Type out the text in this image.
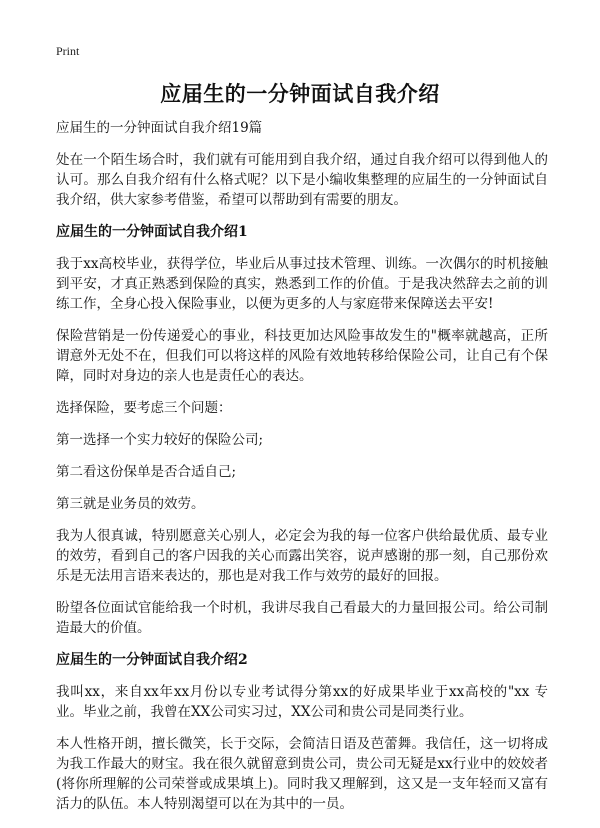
Print
应届生的一分钟面试自我介绍

应届生的一分钟面试自我介绍19篇

处在一个陌生场合时，我们就有可能用到自我介绍，通过自我介绍可以得到他人的认可。那么自我介绍有什么格式呢？以下是小编收集整理的应届生的一分钟面试自我介绍，供大家参考借鉴，希望可以帮助到有需要的朋友。

应届生的一分钟面试自我介绍1

我于xx高校毕业，获得学位，毕业后从事过技术管理、训练。一次偶尔的时机接触到平安，才真正熟悉到保险的真实，熟悉到工作的价值。于是我决然辞去之前的训练工作，全身心投入保险事业，以便为更多的人与家庭带来保障送去平安!

保险营销是一份传递爱心的事业，科技更加达风险事故发生的"概率就越高，正所谓意外无处不在，但我们可以将这样的风险有效地转移给保险公司，让自己有个保障，同时对身边的亲人也是责任心的表达。

选择保险，要考虑三个问题：

第一选择一个实力较好的保险公司;

第二看这份保单是否合适自己;

第三就是业务员的效劳。

我为人很真诚，特别愿意关心别人，必定会为我的每一位客户供给最优质、最专业的效劳，看到自己的客户因我的关心而露出笑容，说声感谢的那一刻，自己那份欢乐是无法用言语来表达的，那也是对我工作与效劳的最好的回报。

盼望各位面试官能给我一个时机，我讲尽我自己看最大的力量回报公司。给公司制造最大的价值。

应届生的一分钟面试自我介绍2

我叫xx，来自xx年xx月份以专业考试得分第xx的好成果毕业于xx高校的"xx 专业。毕业之前，我曾在XX公司实习过，XX公司和贵公司是同类行业。

本人性格开朗，擅长微笑，长于交际，会简洁日语及芭蕾舞。我信任，这一切将成为我工作最大的财宝。我在很久就留意到贵公司，贵公司无疑是xx行业中的姣姣者(将你所理解的公司荣誉或成果填上)。同时我又理解到，这又是一支年轻而又富有活力的队伍。本人特别渴望可以在为其中的一员。
